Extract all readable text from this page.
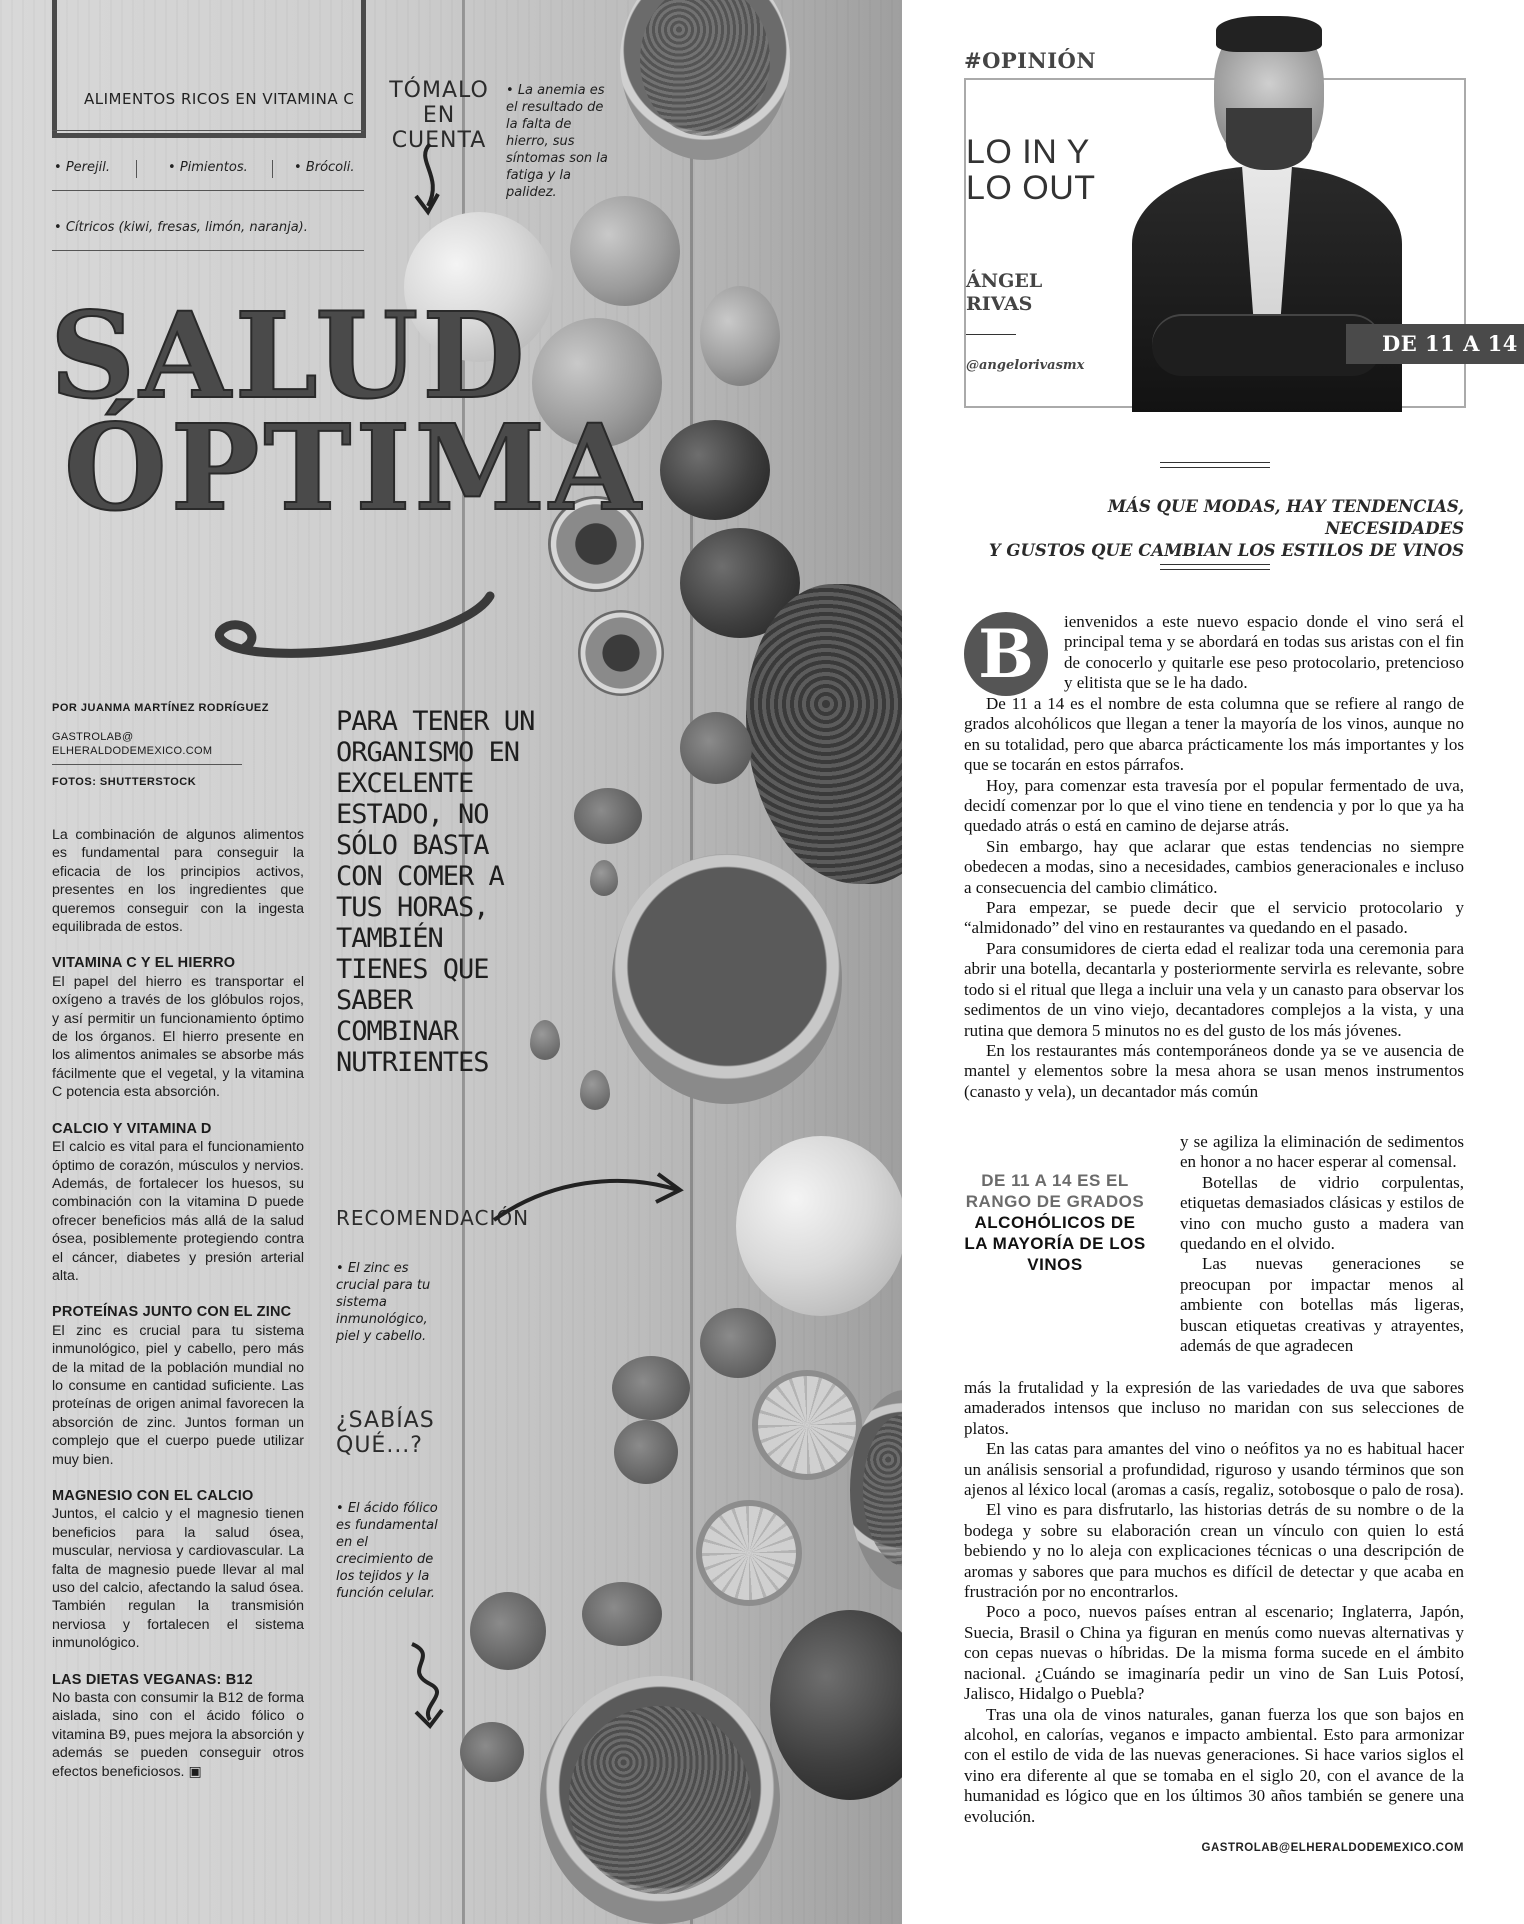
ALIMENTOS RICOS EN VITAMINA C
• Perejil.	• Pimientos.	• Brócoli.
• Cítricos (kiwi, fresas, limón, naranja).
TÓMALO EN CUENTA
• La anemia es el resultado de la falta de hierro, sus síntomas son la fatiga y la palidez.
SALUD
ÓPTIMA
POR JUANMA MARTÍNEZ RODRÍGUEZ
GASTROLAB@
ELHERALDODEMEXICO.COM
FOTOS: SHUTTERSTOCK
PARA TENER UN ORGANISMO EN EXCELENTE ESTADO, NO SÓLO BASTA CON COMER A TUS HORAS, TAMBIÉN TIENES QUE SABER COMBINAR NUTRIENTES

La combinación de algunos alimentos es fundamental para conseguir la eficacia de los principios activos, presentes en los ingredientes que queremos conseguir con la ingesta equilibrada de estos.

VITAMINA C Y EL HIERRO

El papel del hierro es transportar el oxígeno a través de los glóbulos rojos, y así permitir un funcionamiento óptimo de los órganos. El hierro presente en los alimentos animales se absorbe más fácilmente que el vegetal, y la vitamina C potencia esta absorción.

CALCIO Y VITAMINA D

El calcio es vital para el funcionamiento óptimo de corazón, músculos y nervios. Además, de fortalecer los huesos, su combinación con la vitamina D puede ofrecer beneficios más allá de la salud ósea, posiblemente protegiendo contra el cáncer, diabetes y presión arterial alta.

PROTEÍNAS JUNTO CON EL ZINC

El zinc es crucial para tu sistema inmunológico, piel y cabello, pero más de la mitad de la población mundial no lo consume en cantidad suficiente. Las proteínas de origen animal favorecen la absorción de zinc. Juntos forman un complejo que el cuerpo puede utilizar muy bien.

MAGNESIO CON EL CALCIO

Juntos, el calcio y el magnesio tienen beneficios para la salud ósea, muscular, nerviosa y cardiovascular. La falta de magnesio puede llevar al mal uso del calcio, afectando la salud ósea. También regulan la transmisión nerviosa y fortalecen el sistema inmunológico.

LAS DIETAS VEGANAS: B12

No basta con consumir la B12 de forma aislada, sino con el ácido fólico o vitamina B9, pues mejora la absorción y además se pueden conseguir otros efectos beneficiosos. ▣

RECOMENDACIÓN
• El zinc es crucial para tu sistema inmunológico, piel y cabello.
¿SABÍAS
QUÉ...?
• El ácido fólico es fundamental en el crecimiento de los tejidos y la función celular.
#OPINIÓN
LO IN Y
LO OUT
ÁNGEL
RIVAS
@angelorivasmx
DE 11 A 14
MÁS QUE MODAS, HAY TENDENCIAS, NECESIDADES
Y GUSTOS QUE CAMBIAN LOS ESTILOS DE VINOS
B	ienvenidos a este nuevo espacio donde el vino será el principal tema y se abordará en todas sus aristas con el fin de conocerlo y quitarle ese peso protocolario, pretencioso y elitista que se le ha dado.

De 11 a 14 es el nombre de esta columna que se refiere al rango de grados alcohólicos que llegan a tener la mayoría de los vinos, aunque no en su totalidad, pero que abarca prácticamente los más importantes y los que se tocarán en estos párrafos.

Hoy, para comenzar esta travesía por el popular fermentado de uva, decidí comenzar por lo que el vino tiene en tendencia y por lo que ya ha quedado atrás o está en camino de dejarse atrás.

Sin embargo, hay que aclarar que estas tendencias no siempre obedecen a modas, sino a necesidades, cambios generacionales e incluso a consecuencia del cambio climático.

Para empezar, se puede decir que el servicio protocolario y “almidonado” del vino en restaurantes va quedando en el pasado.

Para consumidores de cierta edad el realizar toda una ceremonia para abrir una botella, decantarla y posteriormente servirla es relevante, sobre todo si el ritual que llega a incluir una vela y un canasto para observar los sedimentos de un vino viejo, decantadores complejos a la vista, y una rutina que demora 5 minutos no es del gusto de los más jóvenes.

En los restaurantes más contemporáneos donde ya se ve ausencia de mantel y elementos sobre la mesa ahora se usan menos instrumentos (canasto y vela), un decantador más común

DE 11 A 14 ES EL RANGO DE GRADOS
ALCOHÓLICOS DE LA MAYORÍA DE LOS VINOS

y se agiliza la eliminación de sedimentos en honor a no hacer esperar al comensal.

Botellas de vidrio corpulentas, etiquetas demasiados clásicas y estilos de vino con mucho gusto a madera van quedando en el olvido.

Las nuevas generaciones se preocupan por impactar menos al ambiente con botellas más ligeras, buscan etiquetas creativas y atrayentes, además de que agradecen

más la frutalidad y la expresión de las variedades de uva que sabores amaderados intensos que incluso no maridan con sus selecciones de platos.

En las catas para amantes del vino o neófitos ya no es habitual hacer un análisis sensorial a profundidad, riguroso y usando términos que son ajenos al léxico local (aromas a casís, regaliz, sotobosque o palo de rosa).

El vino es para disfrutarlo, las historias detrás de su nombre o de la bodega y sobre su elaboración crean un vínculo con quien lo está bebiendo y no lo aleja con explicaciones técnicas o una descripción de aromas y sabores que para muchos es difícil de detectar y que acaba en frustración por no encontrarlos.

Poco a poco, nuevos países entran al escenario; Inglaterra, Japón, Suecia, Brasil o China ya figuran en menús como nuevas alternativas y con cepas nuevas o híbridas. De la misma forma sucede en el ámbito nacional. ¿Cuándo se imaginaría pedir un vino de San Luis Potosí, Jalisco, Hidalgo o Puebla?

Tras una ola de vinos naturales, ganan fuerza los que son bajos en alcohol, en calorías, veganos e impacto ambiental. Esto para armonizar con el estilo de vida de las nuevas generaciones. Si hace varios siglos el vino era diferente al que se tomaba en el siglo 20, con el avance de la humanidad es lógico que en los últimos 30 años también se genere una evolución.

GASTROLAB@ELHERALDODEMEXICO.COM
